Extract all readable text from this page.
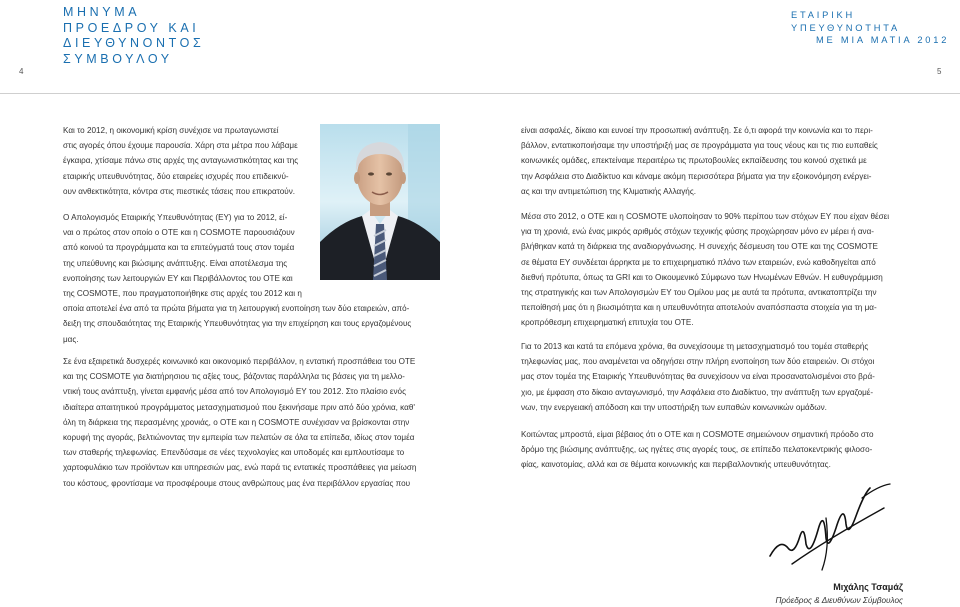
ΜΗΝΥΜΑ
ΠΡΟΕΔΡΟΥ ΚΑΙ
ΔΙΕΥΘΥΝΟΝΤΟΣ
ΣΥΜΒΟΥΛΟΥ
4
ΕΤΑΙΡΙΚΗ ΥΠΕΥΘΥΝΟΤΗΤΑ
ΜΕ ΜΙΑ ΜΑΤΙΑ 2012
5
Και το 2012, η οικονομική κρίση συνέχισε να πρωταγωνιστεί
στις αγορές όπου έχουμε παρουσία. Χάρη στα μέτρα που λάβαμε
έγκαιρα, χτίσαμε πάνω στις αρχές της ανταγωνιστικότητας και της
εταιρικής υπευθυνότητας, δύο εταιρείες ισχυρές που επιδεικνύ-
ουν ανθεκτικότητα, κόντρα στις πιεστικές τάσεις που επικρατούν.
Ο Απολογισμός Εταιρικής Υπευθυνότητας (ΕΥ) για το 2012, εί-
ναι ο πρώτος στον οποίο ο ΟΤΕ και η COSMOTE παρουσιάζουν
από κοινού τα προγράμματα και τα επιτεύγματά τους στον τομέα
της υπεύθυνης και βιώσιμης ανάπτυξης. Είναι αποτέλεσμα της
ενοποίησης των λειτουργιών ΕΥ και Περιβάλλοντος του ΟΤΕ και
της COSMOTE, που πραγματοποιήθηκε στις αρχές του 2012 και η
οποία αποτελεί ένα από τα πρώτα βήματα για τη λειτουργική ενοποίηση των δύο εταιρειών, από-
δειξη της σπουδαιότητας της Εταιρικής Υπευθυνότητας για την επιχείρηση και τους εργαζομένους
μας.
Σε ένα εξαιρετικά δυσχερές κοινωνικό και οικονομικό περιβάλλον, η εντατική προσπάθεια του ΟΤΕ
και της COSMOTE για διατήρησιου τις αξίες τους, βάζοντας παράλληλα τις βάσεις για τη μελλο-
ντική τους ανάπτυξη, γίνεται εμφανής μέσα από τον Απολογισμό ΕΥ του 2012. Στο πλαίσιο ενός
ιδιαίτερα απαιτητικού προγράμματος μετασχηματισμού που ξεκινήσαμε πριν από δύο χρόνια, καθ'
όλη τη διάρκεια της περασμένης χρονιάς, ο ΟΤΕ και η COSMOTE συνέχισαν να βρίσκονται στην
κορυφή της αγοράς, βελτιώνοντας την εμπειρία των πελατών σε όλα τα επίπεδα, ιδίως στον τομέα
των σταθερής τηλεφωνίας. Επενδύσαμε σε νέες τεχνολογίες και υποδομές και εμπλουτίσαμε το
χαρτοφυλάκιο των προϊόντων και υπηρεσιών μας, ενώ παρά τις εντατικές προσπάθειες για μείωση
του κόστους, φροντίσαμε να προσφέρουμε στους ανθρώπους μας ένα περιβάλλον εργασίας που
είναι ασφαλές, δίκαιο και ευνοεί την προσωπική ανάπτυξη. Σε ό,τι αφορά την κοινωνία και το περι-
βάλλον, εντατικοποιήσαμε την υποστήριξή μας σε προγράμματα για τους νέους και τις πιο ευπαθείς
κοινωνικές ομάδες, επεκτείναμε περαιτέρω τις πρωτοβουλίες εκπαίδευσης του κοινού σχετικά με
την Ασφάλεια στο Διαδίκτυο και κάναμε ακόμη περισσότερα βήματα για την εξοικονόμηση ενέργει-
ας και την αντιμετώπιση της Κλιματικής Αλλαγής.
Μέσα στο 2012, ο ΟΤΕ και η COSMOTE υλοποίησαν το 90% περίπου των στόχων ΕΥ που είχαν θέσει
για τη χρονιά, ενώ ένας μικρός αριθμός στόχων τεχνικής φύσης προχώρησαν μόνο εν μέρει ή ανα-
βλήθηκαν κατά τη διάρκεια της αναδιοργάνωσης. Η συνεχής δέσμευση του ΟΤΕ και της COSMOTE
σε θέματα ΕΥ συνδέεται άρρηκτα με το επιχειρηματικό πλάνο των εταιρειών, ενώ καθοδηγείται από
διεθνή πρότυπα, όπως τα GRI και το Οικουμενικό Σύμφωνο των Ηνωμένων Εθνών. Η ευθυγράμμιση
της στρατηγικής και των Απολογισμών ΕΥ του Ομίλου μας με αυτά τα πρότυπα, αντικατοπτρίζει την
πεποίθησή μας ότι η βιωσιμότητα και η υπευθυνότητα αποτελούν αναπόσπαστα στοιχεία για τη μα-
κροπρόθεσμη επιχειρηματική επιτυχία του ΟΤΕ.
Για το 2013 και κατά τα επόμενα χρόνια, θα συνεχίσουμε τη μετασχηματισμό του τομέα σταθερής
τηλεφωνίας μας, που αναμένεται να οδηγήσει στην πλήρη ενοποίηση των δύο εταιρειών. Οι στόχοι
μας στον τομέα της Εταιρικής Υπευθυνότητας θα συνεχίσουν να είναι προσανατολισμένοι στο βρά-
χιο, με έμφαση στο δίκαιο ανταγωνισμό, την Ασφάλεια στο Διαδίκτυο, την ανάπτυξη των εργαζομέ-
νων, την ενεργειακή απόδοση και την υποστήριξη των ευπαθών κοινωνικών ομάδων.
Κοιτώντας μπροστά, είμαι βέβαιος ότι ο ΟΤΕ και η COSMOTE σημειώνουν σημαντική πρόοδο στο
δρόμο της βιώσιμης ανάπτυξης, ως ηγέτες στις αγορές τους, σε επίπεδο πελατοκεντρικής φιλοσο-
φίας, καινοτομίας, αλλά και σε θέματα κοινωνικής και περιβαλλοντικής υπευθυνότητας.
Μιχάλης Τσαμάζ
Πρόεδρος & Διευθύνων Σύμβουλος
